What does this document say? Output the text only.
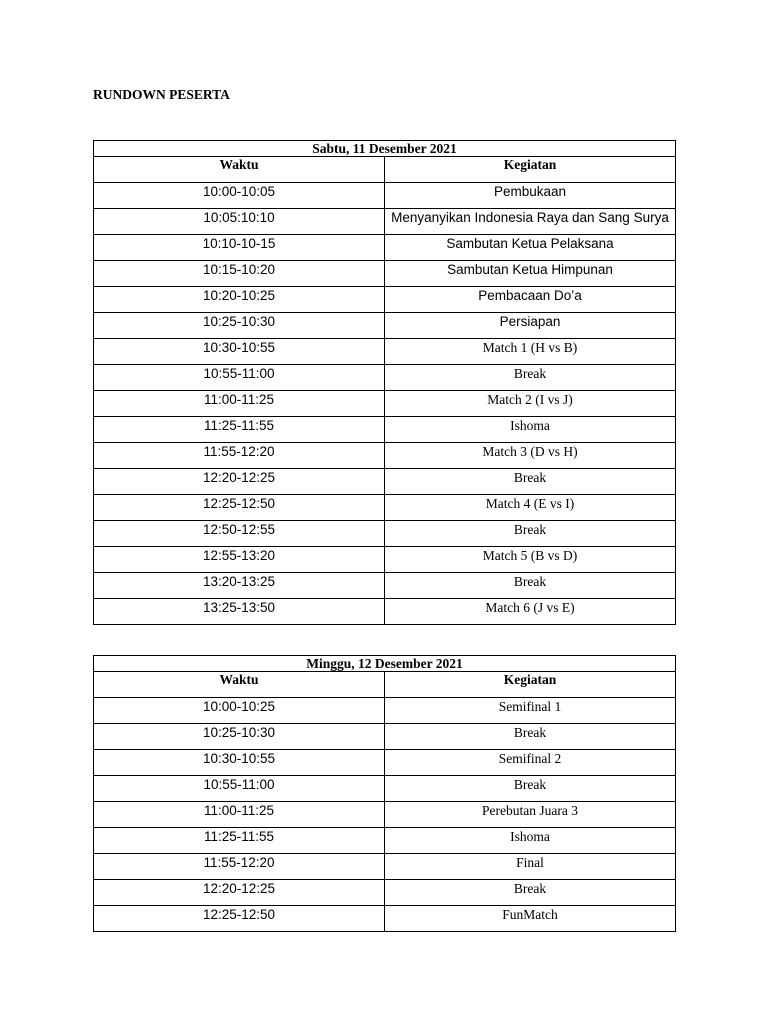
RUNDOWN PESERTA
Sabtu, 11 Desember 2021	
Waktu	Kegiatan
10:00-10:05	Pembukaan
10:05:10:10	Menyanyikan Indonesia Raya dan Sang Surya
10:10-10-15	Sambutan Ketua Pelaksana
10:15-10:20	Sambutan Ketua Himpunan
10:20-10:25	Pembacaan Do’a
10:25-10:30	Persiapan
10:30-10:55	Match 1 (H vs B)
10:55-11:00	Break
11:00-11:25	Match 2 (I vs J)
11:25-11:55	Ishoma
11:55-12:20	Match 3 (D vs H)
12:20-12:25	Break
12:25-12:50	Match 4 (E vs I)
12:50-12:55	Break
12:55-13:20	Match 5 (B vs D)
13:20-13:25	Break
13:25-13:50	Match 6 (J vs E)
Minggu, 12 Desember 2021	
Waktu	Kegiatan
10:00-10:25	Semifinal 1
10:25-10:30	Break
10:30-10:55	Semifinal 2
10:55-11:00	Break
11:00-11:25	Perebutan Juara 3
11:25-11:55	Ishoma
11:55-12:20	Final
12:20-12:25	Break
12:25-12:50	FunMatch
